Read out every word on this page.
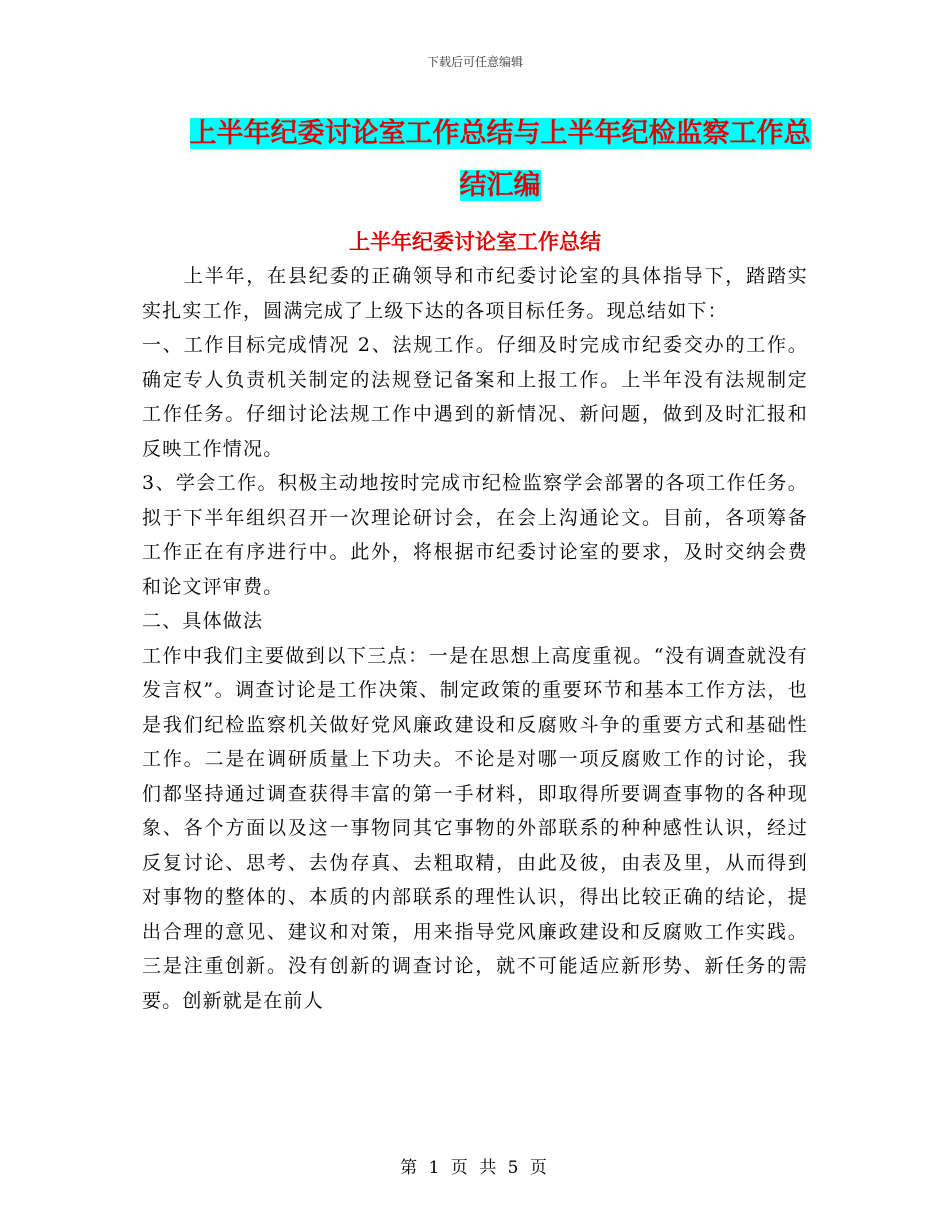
下载后可任意编辑
上半年纪委讨论室工作总结与上半年纪检监察工作总
结汇编
上半年纪委讨论室工作总结

上半年，在县纪委的正确领导和市纪委讨论室的具体指导下，踏踏实实扎实工作，圆满完成了上级下达的各项目标任务。现总结如下：

一、工作目标完成情况 2、法规工作。仔细及时完成市纪委交办的工作。确定专人负责机关制定的法规登记备案和上报工作。上半年没有法规制定工作任务。仔细讨论法规工作中遇到的新情况、新问题，做到及时汇报和反映工作情况。

3、学会工作。积极主动地按时完成市纪检监察学会部署的各项工作任务。拟于下半年组织召开一次理论研讨会，在会上沟通论文。目前，各项筹备工作正在有序进行中。此外，将根据市纪委讨论室的要求，及时交纳会费和论文评审费。

二、具体做法

工作中我们主要做到以下三点：一是在思想上高度重视。“没有调查就没有发言权”。调查讨论是工作决策、制定政策的重要环节和基本工作方法，也是我们纪检监察机关做好党风廉政建设和反腐败斗争的重要方式和基础性工作。二是在调研质量上下功夫。不论是对哪一项反腐败工作的讨论，我们都坚持通过调查获得丰富的第一手材料，即取得所要调查事物的各种现象、各个方面以及这一事物同其它事物的外部联系的种种感性认识，经过反复讨论、思考、去伪存真、去粗取精，由此及彼，由表及里，从而得到对事物的整体的、本质的内部联系的理性认识，得出比较正确的结论，提出合理的意见、建议和对策，用来指导党风廉政建设和反腐败工作实践。三是注重创新。没有创新的调查讨论，就不可能适应新形势、新任务的需要。创新就是在前人

第 1 页 共 5 页
